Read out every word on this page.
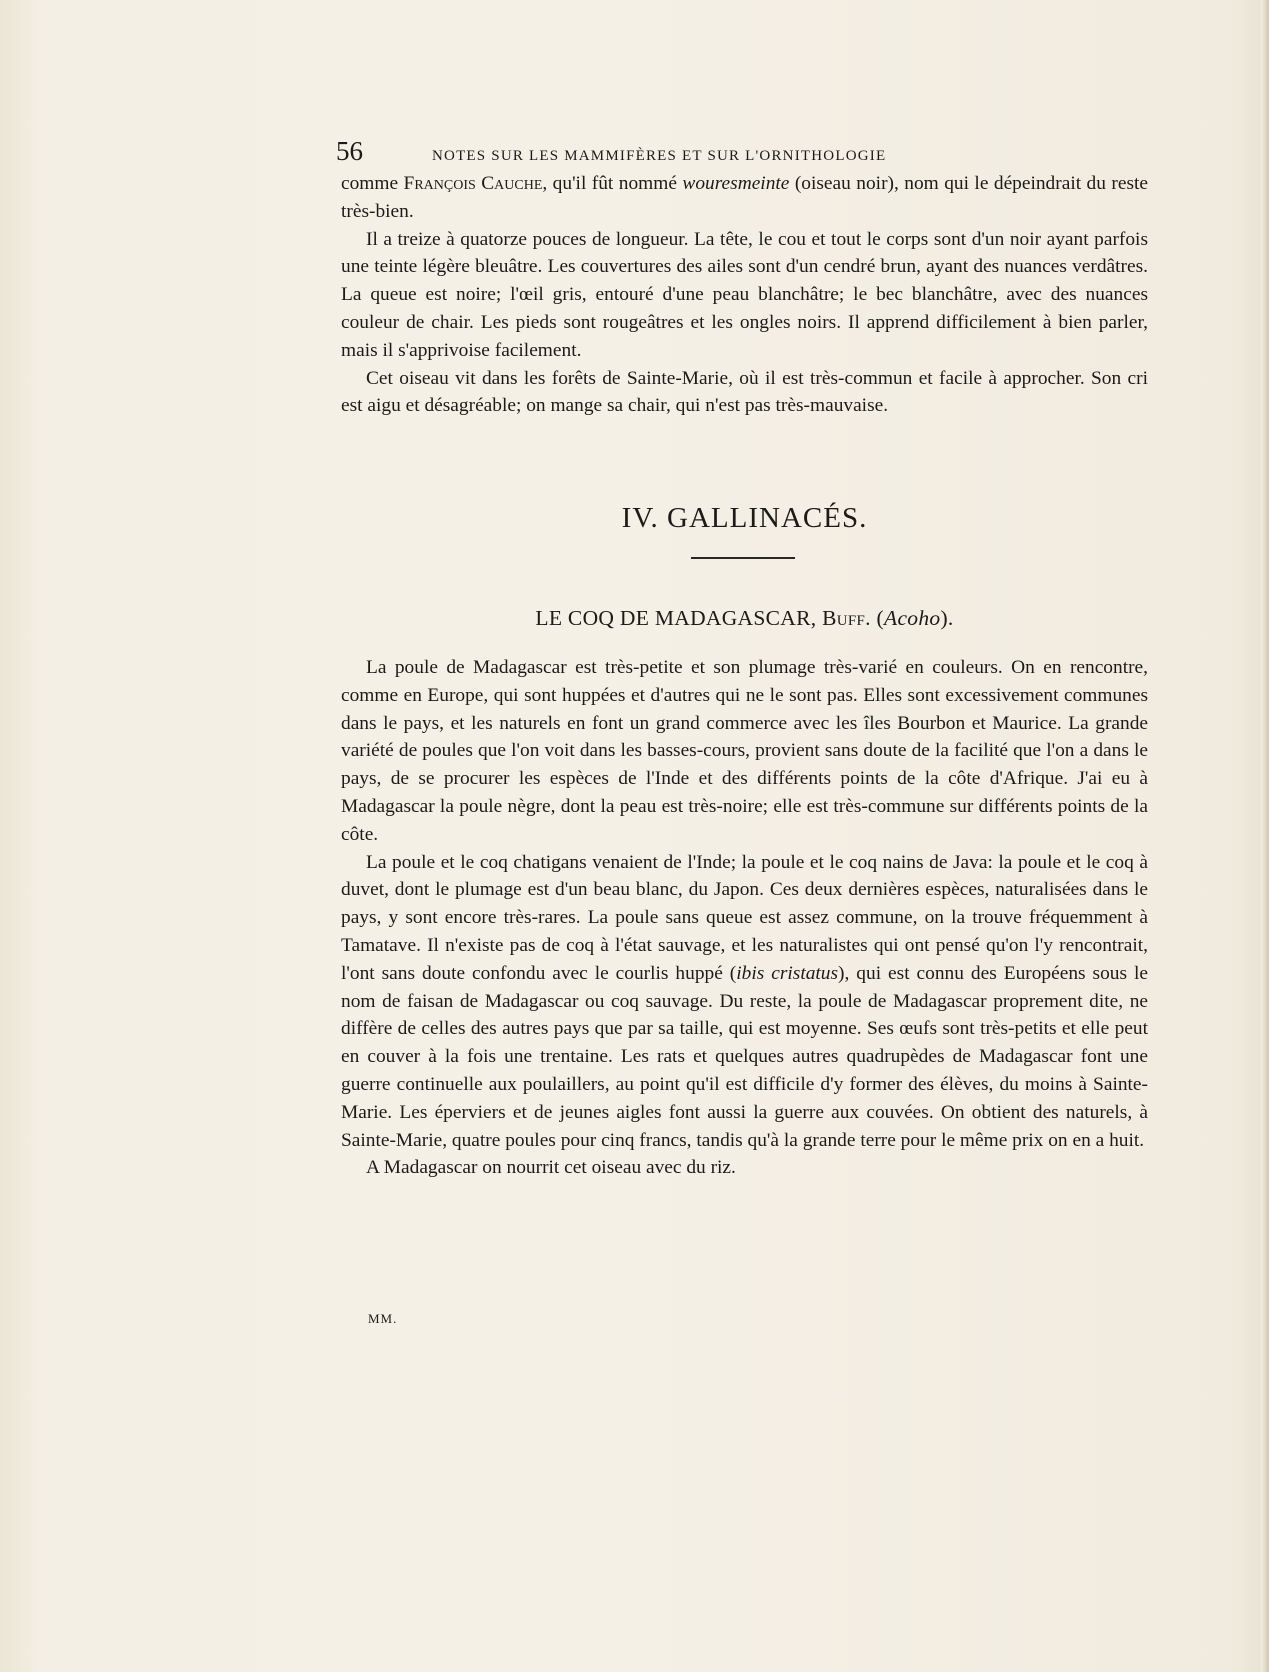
56	NOTES SUR LES MAMMIFÈRES ET SUR L'ORNITHOLOGIE

comme François Cauche, qu'il fût nommé wouresmeinte (oiseau noir), nom qui le dépeindrait du reste très-bien.

Il a treize à quatorze pouces de longueur. La tête, le cou et tout le corps sont d'un noir ayant parfois une teinte légère bleuâtre. Les couvertures des ailes sont d'un cendré brun, ayant des nuances verdâtres. La queue est noire; l'œil gris, entouré d'une peau blanchâtre; le bec blanchâtre, avec des nuances couleur de chair. Les pieds sont rougeâtres et les ongles noirs. Il apprend difficilement à bien parler, mais il s'apprivoise facilement.

Cet oiseau vit dans les forêts de Sainte-Marie, où il est très-commun et facile à approcher. Son cri est aigu et désagréable; on mange sa chair, qui n'est pas très-mauvaise.

IV. GALLINACÉS.
LE COQ DE MADAGASCAR, Buff. (Acoho).

La poule de Madagascar est très-petite et son plumage très-varié en couleurs. On en rencontre, comme en Europe, qui sont huppées et d'autres qui ne le sont pas. Elles sont excessivement communes dans le pays, et les naturels en font un grand commerce avec les îles Bourbon et Maurice. La grande variété de poules que l'on voit dans les basses-cours, provient sans doute de la facilité que l'on a dans le pays, de se procurer les espèces de l'Inde et des différents points de la côte d'Afrique. J'ai eu à Madagascar la poule nègre, dont la peau est très-noire; elle est très-commune sur différents points de la côte.

La poule et le coq chatigans venaient de l'Inde; la poule et le coq nains de Java: la poule et le coq à duvet, dont le plumage est d'un beau blanc, du Japon. Ces deux dernières espèces, naturalisées dans le pays, y sont encore très-rares. La poule sans queue est assez commune, on la trouve fréquemment à Tamatave. Il n'existe pas de coq à l'état sauvage, et les naturalistes qui ont pensé qu'on l'y rencontrait, l'ont sans doute confondu avec le courlis huppé (ibis cristatus), qui est connu des Européens sous le nom de faisan de Madagascar ou coq sauvage. Du reste, la poule de Madagascar proprement dite, ne diffère de celles des autres pays que par sa taille, qui est moyenne. Ses œufs sont très-petits et elle peut en couver à la fois une trentaine. Les rats et quelques autres quadrupèdes de Madagascar font une guerre continuelle aux poulaillers, au point qu'il est difficile d'y former des élèves, du moins à Sainte-Marie. Les éperviers et de jeunes aigles font aussi la guerre aux couvées. On obtient des naturels, à Sainte-Marie, quatre poules pour cinq francs, tandis qu'à la grande terre pour le même prix on en a huit.

A Madagascar on nourrit cet oiseau avec du riz.

MM.
